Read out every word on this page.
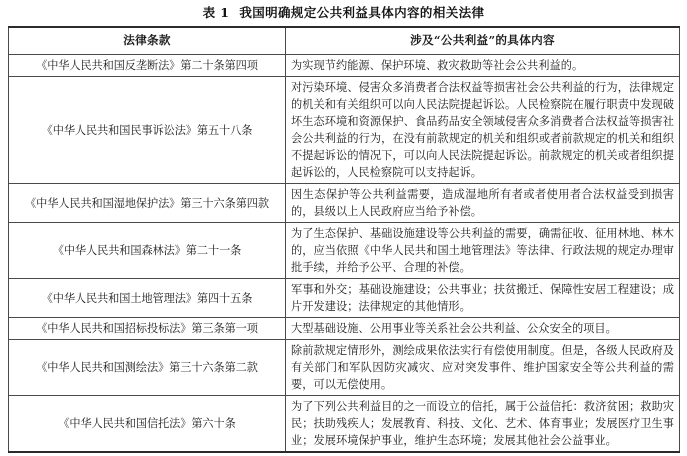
表 1 我国明确规定公共利益具体内容的相关法律
法律条款	涉及“公共利益”的具体内容
《中华人民共和国反垄断法》第二十条第四项	为实现节约能源、保护环境、救灾救助等社会公共利益的。
《中华人民共和国民事诉讼法》第五十八条	对污染环境、侵害众多消费者合法权益等损害社会公共利益的行为，法律规定的机关和有关组织可以向人民法院提起诉讼。人民检察院在履行职责中发现破坏生态环境和资源保护、食品药品安全领域侵害众多消费者合法权益等损害社会公共利益的行为，在没有前款规定的机关和组织或者前款规定的机关和组织不提起诉讼的情况下，可以向人民法院提起诉讼。前款规定的机关或者组织提起诉讼的，人民检察院可以支持起诉。
《中华人民共和国湿地保护法》第三十六条第四款	因生态保护等公共利益需要，造成湿地所有者或者使用者合法权益受到损害的，县级以上人民政府应当给予补偿。
《中华人民共和国森林法》第二十一条	为了生态保护、基础设施建设等公共利益的需要，确需征收、征用林地、林木的，应当依照《中华人民共和国土地管理法》等法律、行政法规的规定办理审批手续，并给予公平、合理的补偿。
《中华人民共和国土地管理法》第四十五条	军事和外交；基础设施建设；公共事业；扶贫搬迁、保障性安居工程建设；成片开发建设；法律规定的其他情形。
《中华人民共和国招标投标法》第三条第一项	大型基础设施、公用事业等关系社会公共利益、公众安全的项目。
《中华人民共和国测绘法》第三十六条第二款	除前款规定情形外，测绘成果依法实行有偿使用制度。但是，各级人民政府及有关部门和军队因防灾减灾、应对突发事件、维护国家安全等公共利益的需要，可以无偿使用。
《中华人民共和国信托法》第六十条	为了下列公共利益目的之一而设立的信托，属于公益信托：救济贫困；救助灾民；扶助残疾人；发展教育、科技、文化、艺术、体育事业；发展医疗卫生事业；发展环境保护事业，维护生态环境；发展其他社会公益事业。
